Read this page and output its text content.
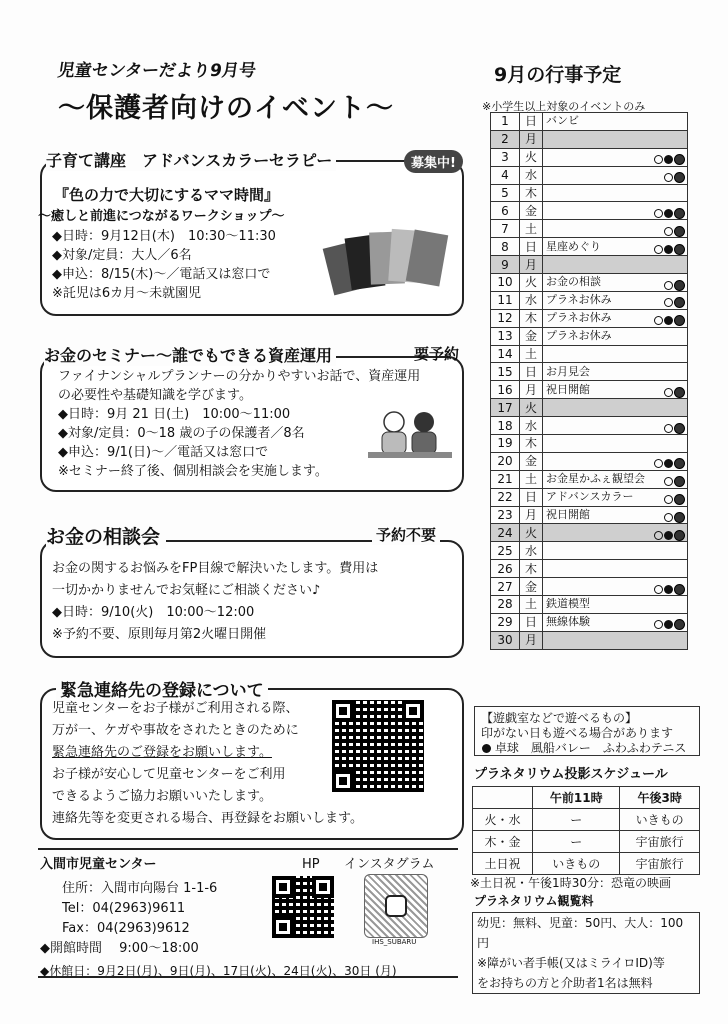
児童センターだより9月号
～保護者向けのイベント～
子育て講座　アドバンスカラーセラピー	募集中!
『色の力で大切にするママ時間』
～癒しと前進につながるワークショップ～
◆日時：9月12日(木)　10:30～11:30
◆対象/定員：大人／6名
◆申込：8/15(木)～／電話又は窓口で
※託児は6カ月～未就園児
お金のセミナー～誰でもできる資産運用	要予約
ファイナンシャルプランナーの分かりやすいお話で、資産運用
の必要性や基礎知識を学びます。
◆日時：9月 21 日(土)　10:00～11:00
◆対象/定員：0～18 歳の子の保護者／8名
◆申込：9/1(日)～／電話又は窓口で
※セミナー終了後、個別相談会を実施します。
お金の相談会	予約不要
お金の関するお悩みをFP目線で解決いたします。費用は
一切かかりませんでお気軽にご相談ください♪
◆日時：9/10(火)　10:00～12:00
※予約不要、原則毎月第2火曜日開催
緊急連絡先の登録について
児童センターをお子様がご利用される際、
万が一、ケガや事故をされたときのために
緊急連絡先のご登録をお願いします。
お子様が安心して児童センターをご利用
できるようご協力お願いいたします。
連絡先等を変更される場合、再登録をお願いします。
入間市児童センター
住所：入間市向陽台 1-1-6
Tel：04(2963)9611
Fax：04(2963)9612
◆開館時間　 9:00～18:00
◆休館日：9月2日(月)、9日(月)、17日(火)、24日(火)、30日 (月)
HP インスタグラム
IHS_SUBARU
9月の行事予定
※小学生以上対象のイベントのみ
1	日	バンビ
2	月	
3	火	

4	水	

5	木	
6	金	

7	土	

8	日	星座めぐり

9	月	
10	火	お金の相談

11	水	プラネお休み

12	木	プラネお休み

13	金	プラネお休み
14	土	
15	日	お月見会
16	月	祝日開館

17	火	
18	水	

19	木	
20	金	

21	土	お金星かふぇ観望会

22	日	アドバンスカラー

23	月	祝日開館

24	火	

25	水	
26	木	
27	金	

28	土	鉄道模型
29	日	無線体験

30	月	
【遊戯室などで遊べるもの】
印がない日も遊べる場合があります
卓球　風船バレー　ふわふわテニス
プラネタリウム投影スケジュール
	午前11時	午後3時
火・水	ー	いきもの
木・金	ー	宇宙旅行
土日祝	いきもの	宇宙旅行
※土日祝・午後1時30分：恐竜の映画
プラネタリウム観覧料
幼児：無料、児童：50円、大人：100円
※障がい者手帳(又はミライロID)等
をお持ちの方と介助者1名は無料
